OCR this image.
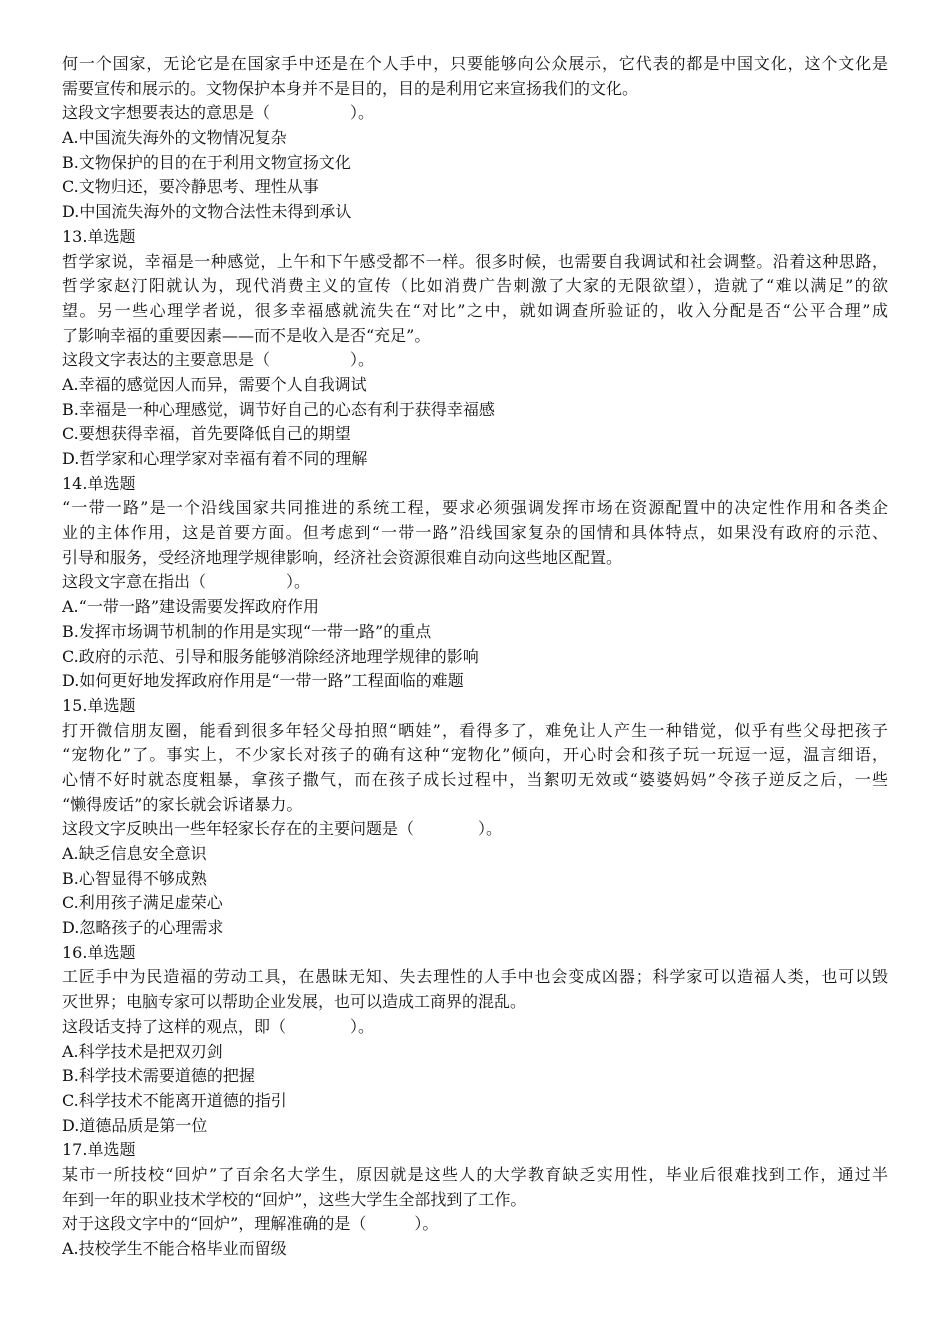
何一个国家，无论它是在国家手中还是在个人手中，只要能够向公众展示，它代表的都是中国文化，这个文化是
需要宣传和展示的。文物保护本身并不是目的，目的是利用它来宣扬我们的文化。
这段文字想要表达的意思是（　　　　　）。
A.中国流失海外的文物情况复杂
B.文物保护的目的在于利用文物宣扬文化
C.文物归还，要冷静思考、理性从事
D.中国流失海外的文物合法性未得到承认
13.单选题
哲学家说，幸福是一种感觉，上午和下午感受都不一样。很多时候，也需要自我调试和社会调整。沿着这种思路，
哲学家赵汀阳就认为，现代消费主义的宣传（比如消费广告刺激了大家的无限欲望），造就了“难以满足”的欲
望。另一些心理学者说，很多幸福感就流失在“对比”之中，就如调查所验证的，收入分配是否“公平合理”成
了影响幸福的重要因素——而不是收入是否“充足”。
这段文字表达的主要意思是（　　　　　）。
A.幸福的感觉因人而异，需要个人自我调试
B.幸福是一种心理感觉，调节好自己的心态有利于获得幸福感
C.要想获得幸福，首先要降低自己的期望
D.哲学家和心理学家对幸福有着不同的理解
14.单选题
“一带一路”是一个沿线国家共同推进的系统工程，要求必须强调发挥市场在资源配置中的决定性作用和各类企
业的主体作用，这是首要方面。但考虑到“一带一路”沿线国家复杂的国情和具体特点，如果没有政府的示范、
引导和服务，受经济地理学规律影响，经济社会资源很难自动向这些地区配置。
这段文字意在指出（　　　　　）。
A.“一带一路”建设需要发挥政府作用
B.发挥市场调节机制的作用是实现“一带一路”的重点
C.政府的示范、引导和服务能够消除经济地理学规律的影响
D.如何更好地发挥政府作用是“一带一路”工程面临的难题
15.单选题
打开微信朋友圈，能看到很多年轻父母拍照“晒娃”，看得多了，难免让人产生一种错觉，似乎有些父母把孩子
“宠物化”了。事实上，不少家长对孩子的确有这种“宠物化”倾向，开心时会和孩子玩一玩逗一逗，温言细语，
心情不好时就态度粗暴，拿孩子撒气，而在孩子成长过程中，当絮叨无效或“婆婆妈妈”令孩子逆反之后，一些
“懒得废话”的家长就会诉诸暴力。
这段文字反映出一些年轻家长存在的主要问题是（　　　　）。
A.缺乏信息安全意识
B.心智显得不够成熟
C.利用孩子满足虚荣心
D.忽略孩子的心理需求
16.单选题
工匠手中为民造福的劳动工具，在愚昧无知、失去理性的人手中也会变成凶器；科学家可以造福人类，也可以毁
灭世界；电脑专家可以帮助企业发展，也可以造成工商界的混乱。
这段话支持了这样的观点，即（　　　　）。
A.科学技术是把双刃剑
B.科学技术需要道德的把握
C.科学技术不能离开道德的指引
D.道德品质是第一位
17.单选题
某市一所技校“回炉”了百余名大学生，原因就是这些人的大学教育缺乏实用性，毕业后很难找到工作，通过半
年到一年的职业技术学校的“回炉”，这些大学生全部找到了工作。
对于这段文字中的“回炉”，理解准确的是（　　　）。
A.技校学生不能合格毕业而留级
